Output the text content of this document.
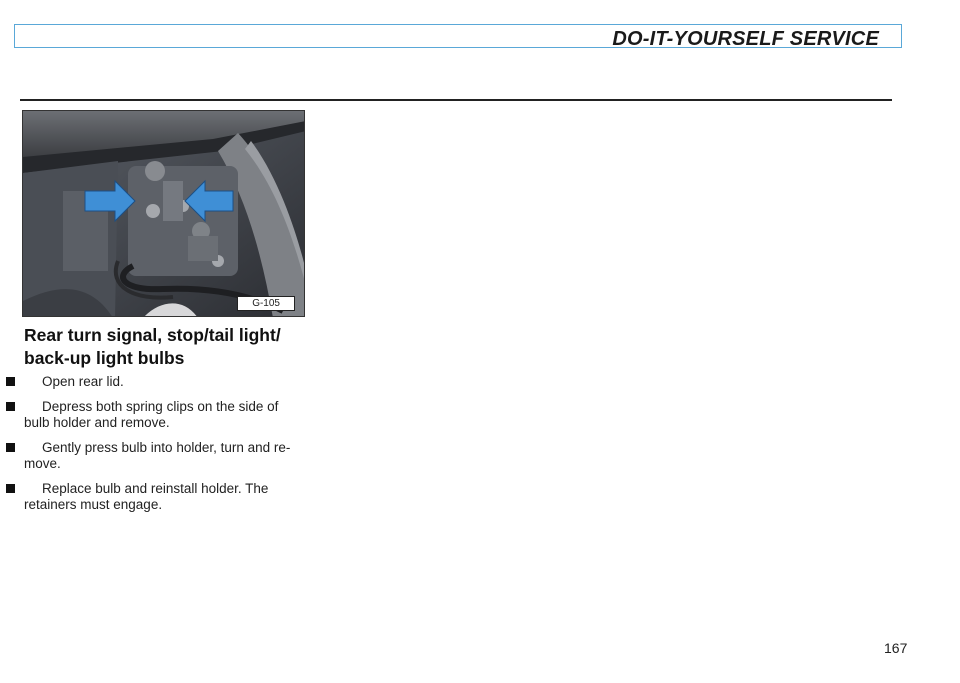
DO-IT-YOURSELF SERVICE
G-105
Rear turn signal, stop/tail light/ back-up light bulbs
Open rear lid.
Depress both spring clips on the side of bulb holder and remove.
Gently press bulb into holder, turn and re-move.
Replace bulb and reinstall holder. The retainers must engage.
167
